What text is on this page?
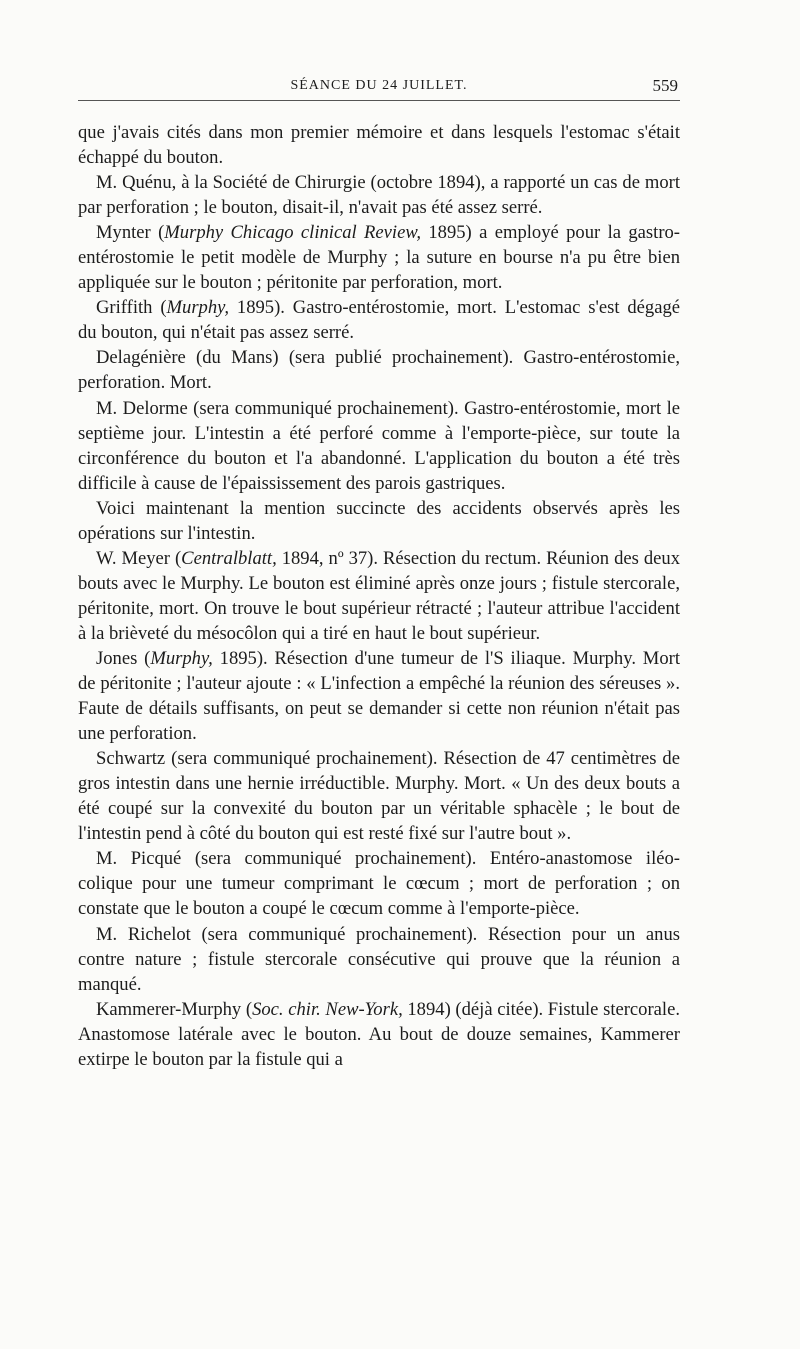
SÉANCE DU 24 JUILLET.	559

que j'avais cités dans mon premier mémoire et dans lesquels l'estomac s'était échappé du bouton.

M. Quénu, à la Société de Chirurgie (octobre 1894), a rapporté un cas de mort par perforation ; le bouton, disait-il, n'avait pas été assez serré.

Mynter (Murphy Chicago clinical Review, 1895) a employé pour la gastro-entérostomie le petit modèle de Murphy ; la suture en bourse n'a pu être bien appliquée sur le bouton ; péritonite par perforation, mort.

Griffith (Murphy, 1895). Gastro-entérostomie, mort. L'estomac s'est dégagé du bouton, qui n'était pas assez serré.

Delagénière (du Mans) (sera publié prochainement). Gastro-entérostomie, perforation. Mort.

M. Delorme (sera communiqué prochainement). Gastro-entérostomie, mort le septième jour. L'intestin a été perforé comme à l'emporte-pièce, sur toute la circonférence du bouton et l'a abandonné. L'application du bouton a été très difficile à cause de l'épaississement des parois gastriques.

Voici maintenant la mention succincte des accidents observés après les opérations sur l'intestin.

W. Meyer (Centralblatt, 1894, nº 37). Résection du rectum. Réunion des deux bouts avec le Murphy. Le bouton est éliminé après onze jours ; fistule stercorale, péritonite, mort. On trouve le bout supérieur rétracté ; l'auteur attribue l'accident à la brièveté du mésocôlon qui a tiré en haut le bout supérieur.

Jones (Murphy, 1895). Résection d'une tumeur de l'S iliaque. Murphy. Mort de péritonite ; l'auteur ajoute : « L'infection a empêché la réunion des séreuses ». Faute de détails suffisants, on peut se demander si cette non réunion n'était pas une perforation.

Schwartz (sera communiqué prochainement). Résection de 47 centimètres de gros intestin dans une hernie irréductible. Murphy. Mort. « Un des deux bouts a été coupé sur la convexité du bouton par un véritable sphacèle ; le bout de l'intestin pend à côté du bouton qui est resté fixé sur l'autre bout ».

M. Picqué (sera communiqué prochainement). Entéro-anastomose iléo-colique pour une tumeur comprimant le cœcum ; mort de perforation ; on constate que le bouton a coupé le cœcum comme à l'emporte-pièce.

M. Richelot (sera communiqué prochainement). Résection pour un anus contre nature ; fistule stercorale consécutive qui prouve que la réunion a manqué.

Kammerer-Murphy (Soc. chir. New-York, 1894) (déjà citée). Fistule stercorale. Anastomose latérale avec le bouton. Au bout de douze semaines, Kammerer extirpe le bouton par la fistule qui a
